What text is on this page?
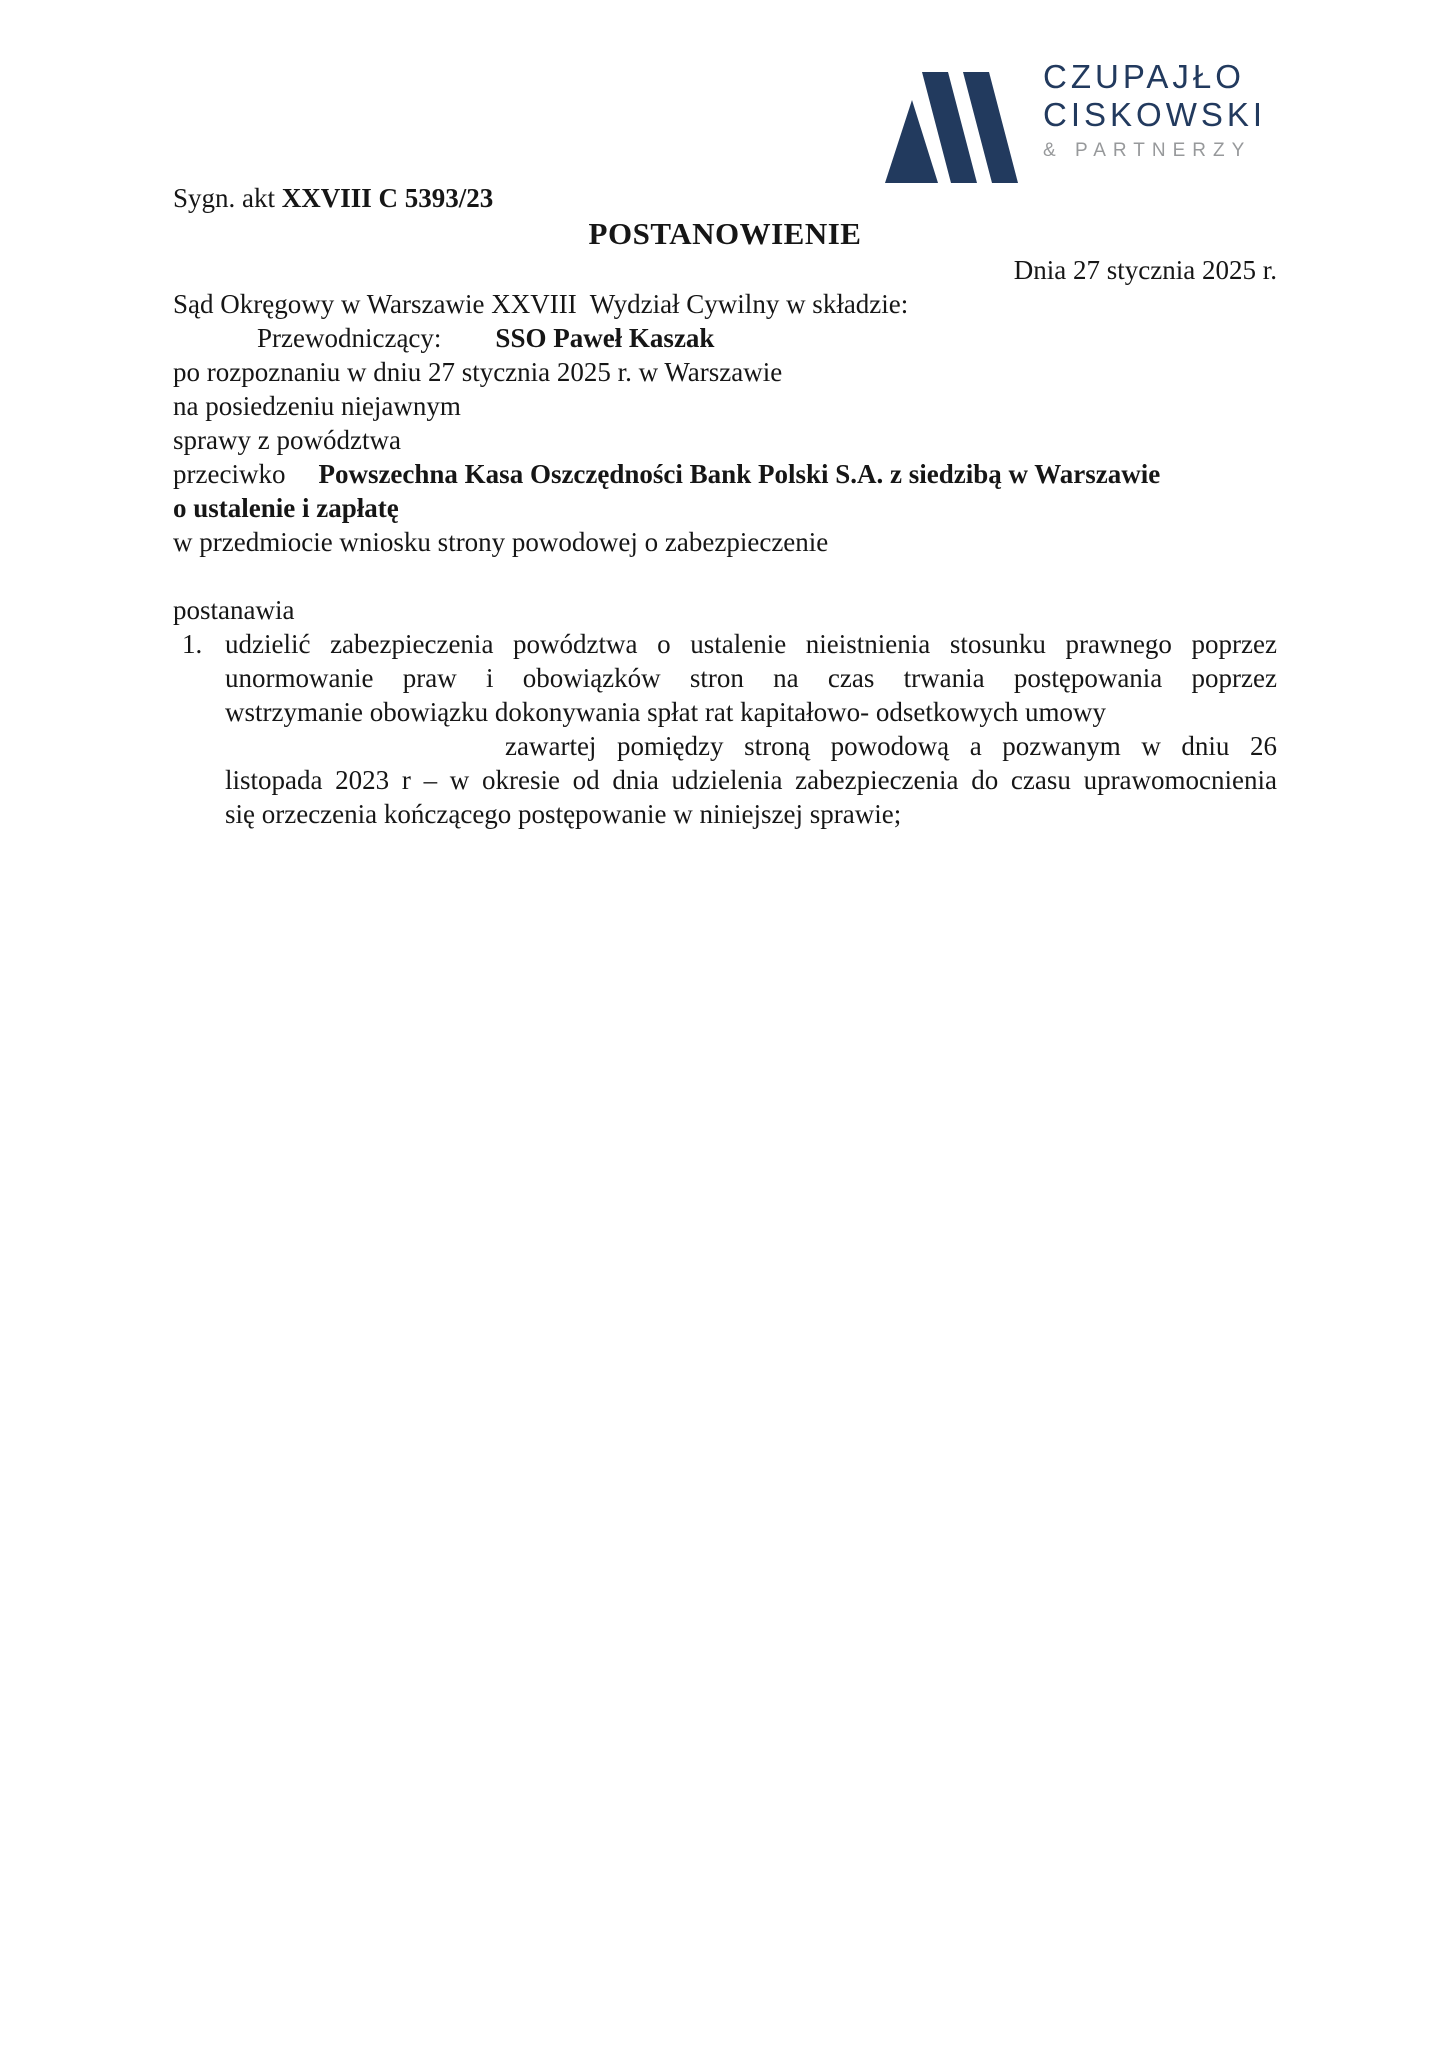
CZUPAJŁO
CISKOWSKI
& PARTNERZY
Sygn. akt XXVIII C 5393/23
POSTANOWIENIE
Dnia 27 stycznia 2025 r.
Sąd Okręgowy w Warszawie XXVIII  Wydział Cywilny w składzie:
Przewodniczący: SSO Paweł Kaszak
po rozpoznaniu w dniu 27 stycznia 2025 r. w Warszawie
na posiedzeniu niejawnym
sprawy z powództwa
przeciwko Powszechna Kasa Oszczędności Bank Polski S.A. z siedzibą w Warszawie
o ustalenie i zapłatę
w przedmiocie wniosku strony powodowej o zabezpieczenie
postanawia
1. udzielić zabezpieczenia powództwa o ustalenie nieistnienia stosunku prawnego poprzez
unormowanie praw i obowiązków stron na czas trwania postępowania poprzez
wstrzymanie obowiązku dokonywania spłat rat kapitałowo- odsetkowych umowy
zawartej pomiędzy stroną powodową a pozwanym w dniu 26
listopada 2023 r – w okresie od dnia udzielenia zabezpieczenia do czasu uprawomocnienia
się orzeczenia kończącego postępowanie w niniejszej sprawie;
